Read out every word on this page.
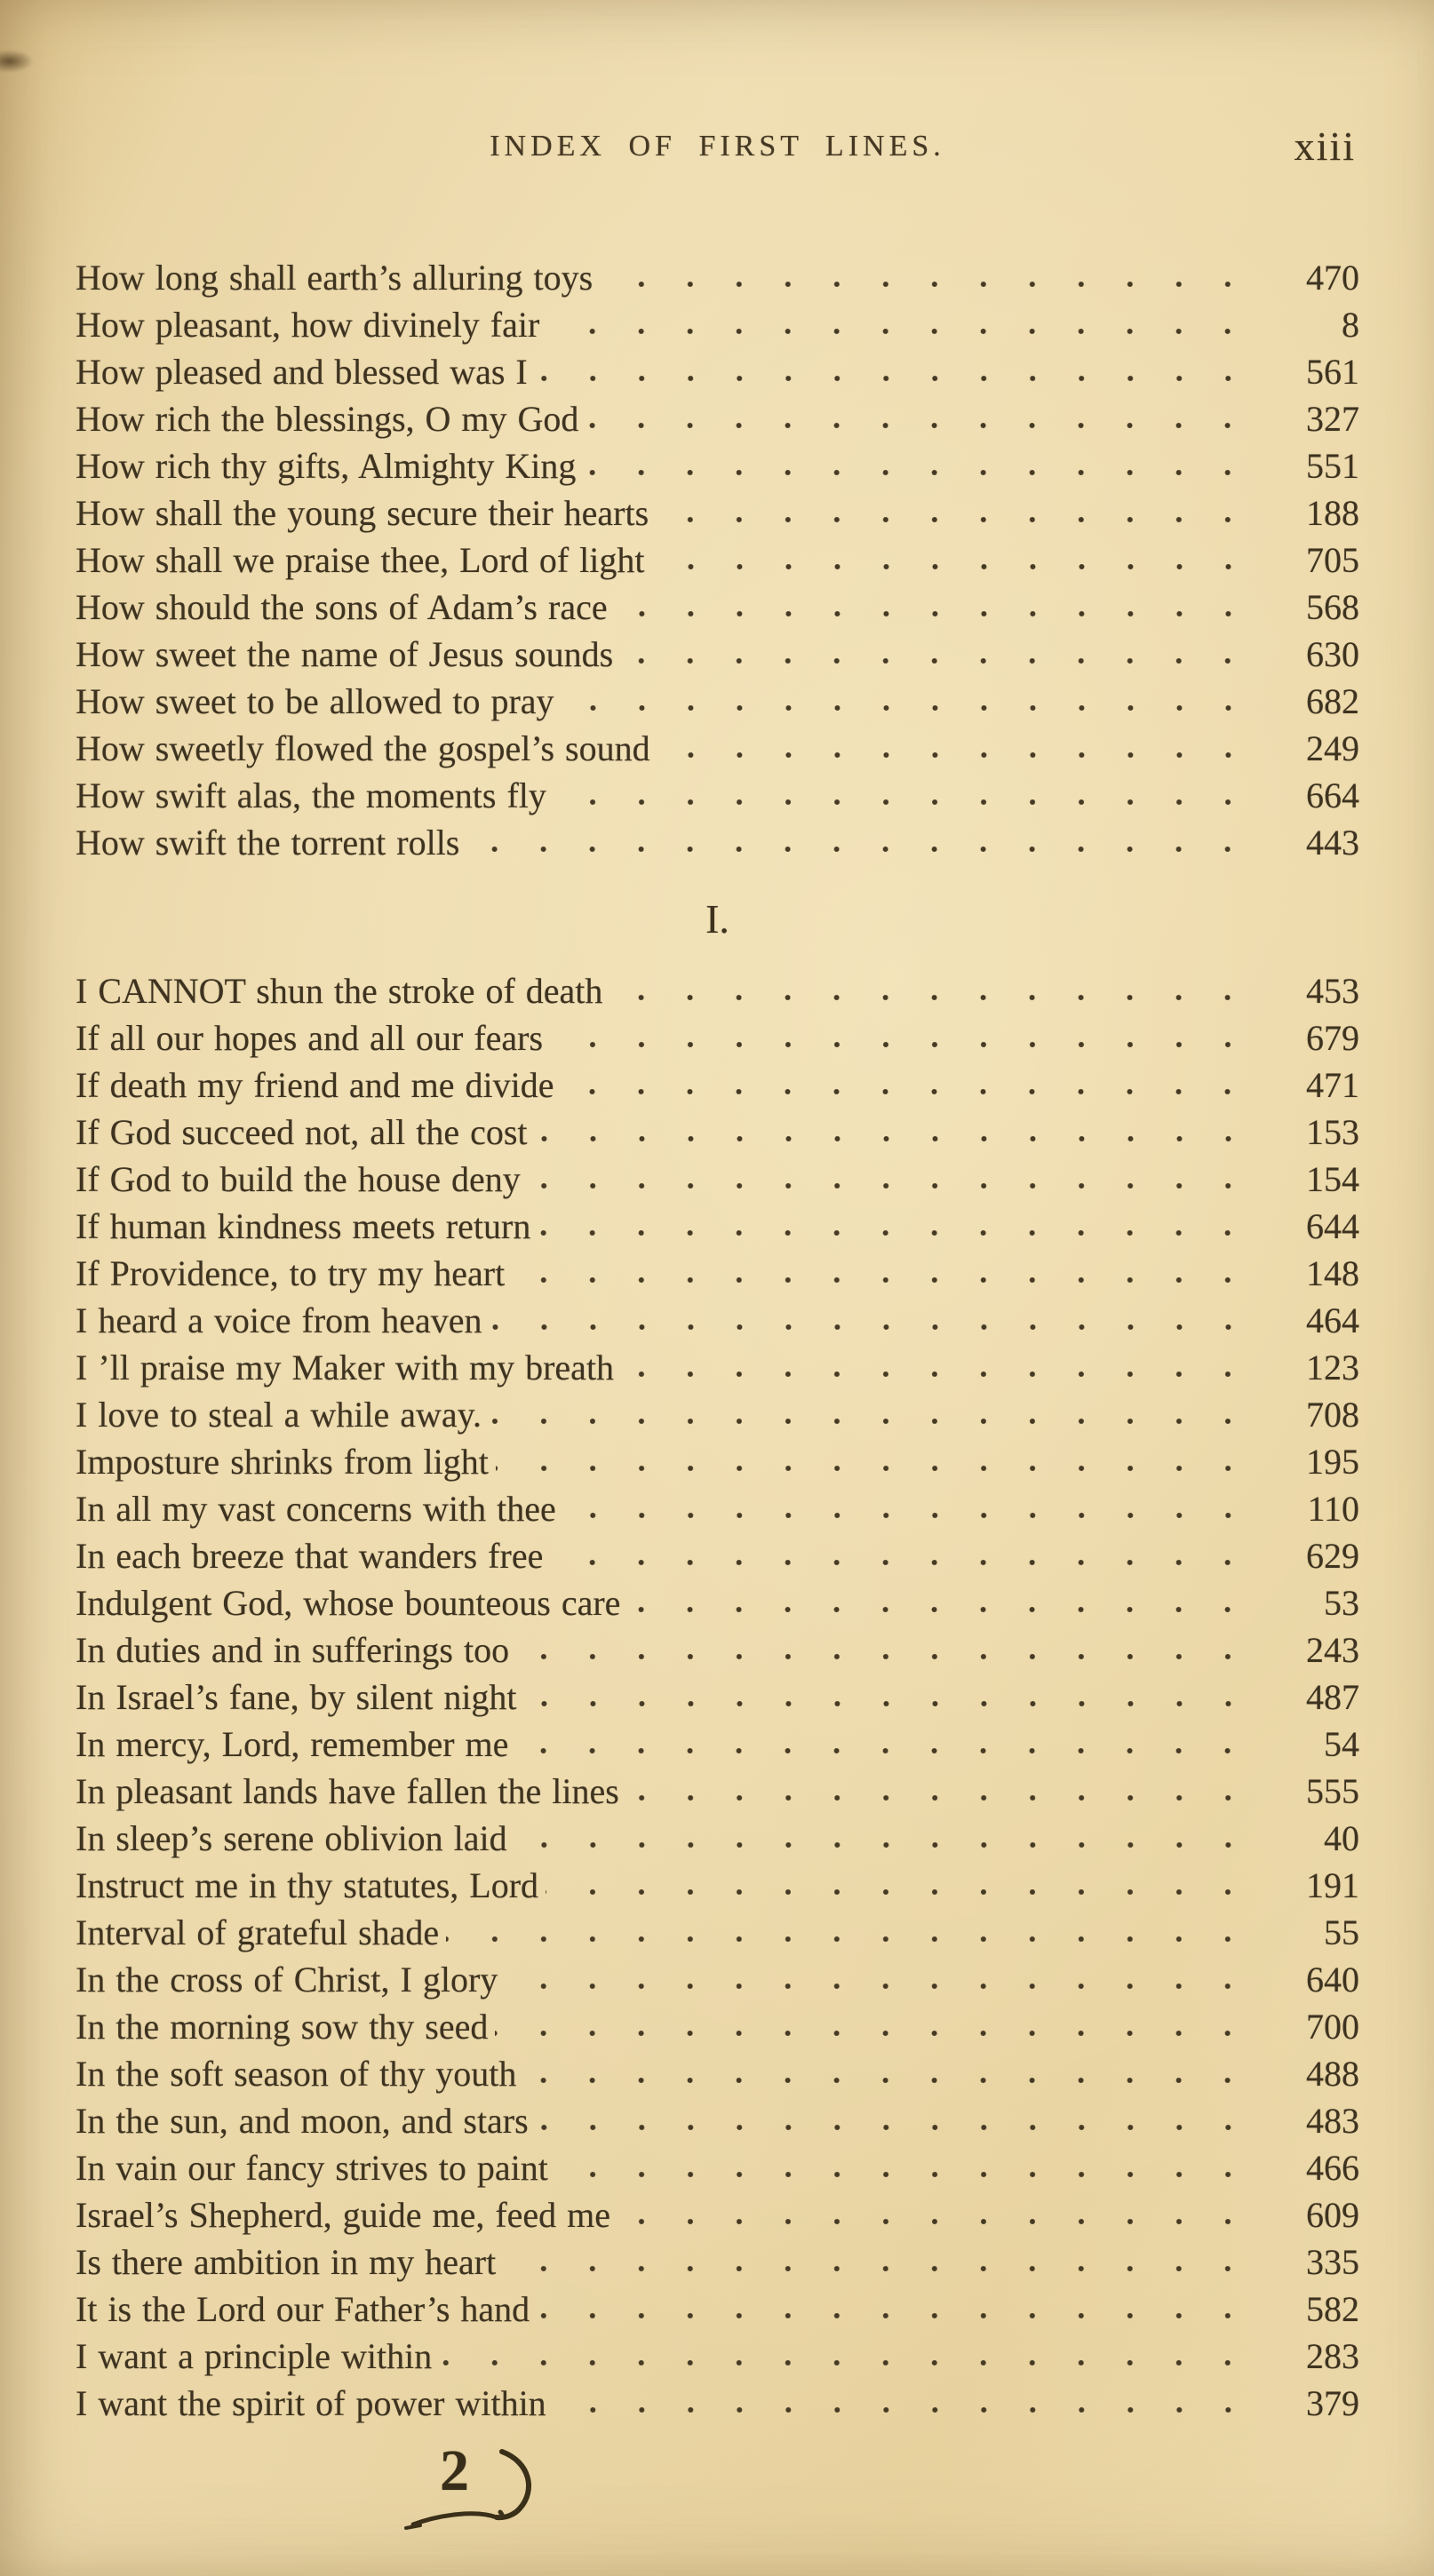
INDEX OF FIRST LINES.	xiii
How long shall earth’s alluring toys	470
How pleasant, how divinely fair	8
How pleased and blessed was I	561
How rich the blessings, O my God	327
How rich thy gifts, Almighty King	551
How shall the young secure their hearts	188
How shall we praise thee, Lord of light	705
How should the sons of Adam’s race	568
How sweet the name of Jesus sounds	630
How sweet to be allowed to pray	682
How sweetly flowed the gospel’s sound	249
How swift alas, the moments fly	664
How swift the torrent rolls	443
I.
I CANNOT shun the stroke of death	453
If all our hopes and all our fears	679
If death my friend and me divide	471
If God succeed not, all the cost	153
If God to build the house deny	154
If human kindness meets return	644
If Providence, to try my heart	148
I heard a voice from heaven	464
I ’ll praise my Maker with my breath	123
I love to steal a while away.	708
Imposture shrinks from light	195
In all my vast concerns with thee	110
In each breeze that wanders free	629
Indulgent God, whose bounteous care	53
In duties and in sufferings too	243
In Israel’s fane, by silent night	487
In mercy, Lord, remember me	54
In pleasant lands have fallen the lines	555
In sleep’s serene oblivion laid	40
Instruct me in thy statutes, Lord	191
Interval of grateful shade	55
In the cross of Christ, I glory	640
In the morning sow thy seed	700
In the soft season of thy youth	488
In the sun, and moon, and stars	483
In vain our fancy strives to paint	466
Israel’s Shepherd, guide me, feed me	609
Is there ambition in my heart	335
It is the Lord our Father’s hand	582
I want a principle within	283
I want the spirit of power within	379
2
